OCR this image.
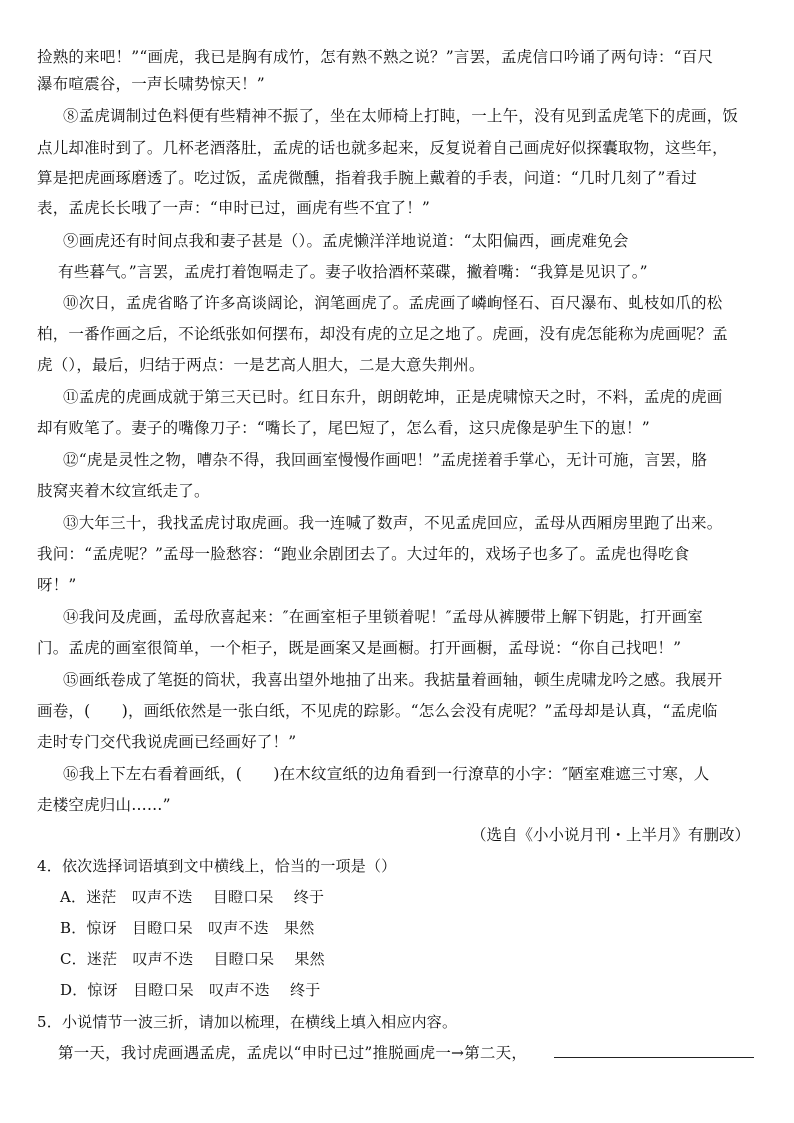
捡熟的来吧！”“画虎，我已是胸有成竹，怎有熟不熟之说？”言罢，孟虎信口吟诵了两句诗：“百尺
瀑布喧震谷，一声长啸势惊天！”
⑧孟虎调制过色料便有些精神不振了，坐在太师椅上打盹，一上午，没有见到孟虎笔下的虎画，饭
点儿却准时到了。几杯老酒落肚，孟虎的话也就多起来，反复说着自己画虎好似探囊取物，这些年，
算是把虎画琢磨透了。吃过饭，孟虎微醺，指着我手腕上戴着的手表，问道：“几时几刻了”看过
表，孟虎长长哦了一声：“申时已过，画虎有些不宜了！”
⑨画虎还有时间点我和妻子甚是（）。孟虎懒洋洋地说道：“太阳偏西，画虎难免会
有些暮气。”言罢，孟虎打着饱嗝走了。妻子收拾酒杯菜碟，撇着嘴：“我算是见识了。”
⑩次日，孟虎省略了许多高谈阔论，润笔画虎了。孟虎画了嶙峋怪石、百尺瀑布、虬枝如爪的松
柏，一番作画之后，不论纸张如何摆布，却没有虎的立足之地了。虎画，没有虎怎能称为虎画呢？孟
虎（），最后，归结于两点：一是艺高人胆大，二是大意失荆州。
⑪孟虎的虎画成就于第三天已时。红日东升，朗朗乾坤，正是虎啸惊天之时，不料，孟虎的虎画
却有败笔了。妻子的嘴像刀子：“嘴长了，尾巴短了，怎么看，这只虎像是驴生下的崽！”
⑫“虎是灵性之物，嘈杂不得，我回画室慢慢作画吧！”孟虎搓着手掌心，无计可施，言罢，胳
肢窝夹着木纹宣纸走了。
⑬大年三十，我找孟虎讨取虎画。我一连喊了数声，不见孟虎回应，孟母从西厢房里跑了出来。
我问：“孟虎呢？”孟母一脸愁容：“跑业余剧团去了。大过年的，戏场子也多了。孟虎也得吃食
呀！”
⑭我问及虎画，孟母欣喜起来：″在画室柜子里锁着呢！″孟母从裤腰带上解下钥匙，打开画室
门。孟虎的画室很简单，一个柜子，既是画案又是画橱。打开画橱，孟母说：“你自己找吧！”
⑮画纸卷成了笔挺的筒状，我喜出望外地抽了出来。我掂量着画轴，顿生虎啸龙吟之感。我展开
画卷，(　　)，画纸依然是一张白纸，不见虎的踪影。“怎么会没有虎呢？”孟母却是认真，“孟虎临
走时专门交代我说虎画已经画好了！”
⑯我上下左右看着画纸，(　　)在木纹宣纸的边角看到一行潦草的小字：″陋室难遮三寸寒，人
走楼空虎归山……”
（选自《小小说月刊・上半月》有删改）
4．依次选择词语填到文中横线上，恰当的一项是（）
A．迷茫　叹声不迭　 目瞪口呆　 终于
B．惊讶　目瞪口呆　叹声不迭　果然
C．迷茫　叹声不迭　 目瞪口呆　 果然
D．惊讶　目瞪口呆　叹声不迭　 终于
5．小说情节一波三折，请加以梳理，在横线上填入相应内容。
第一天，我讨虎画遇孟虎，孟虎以“申时已过”推脱画虎一→第二天，
